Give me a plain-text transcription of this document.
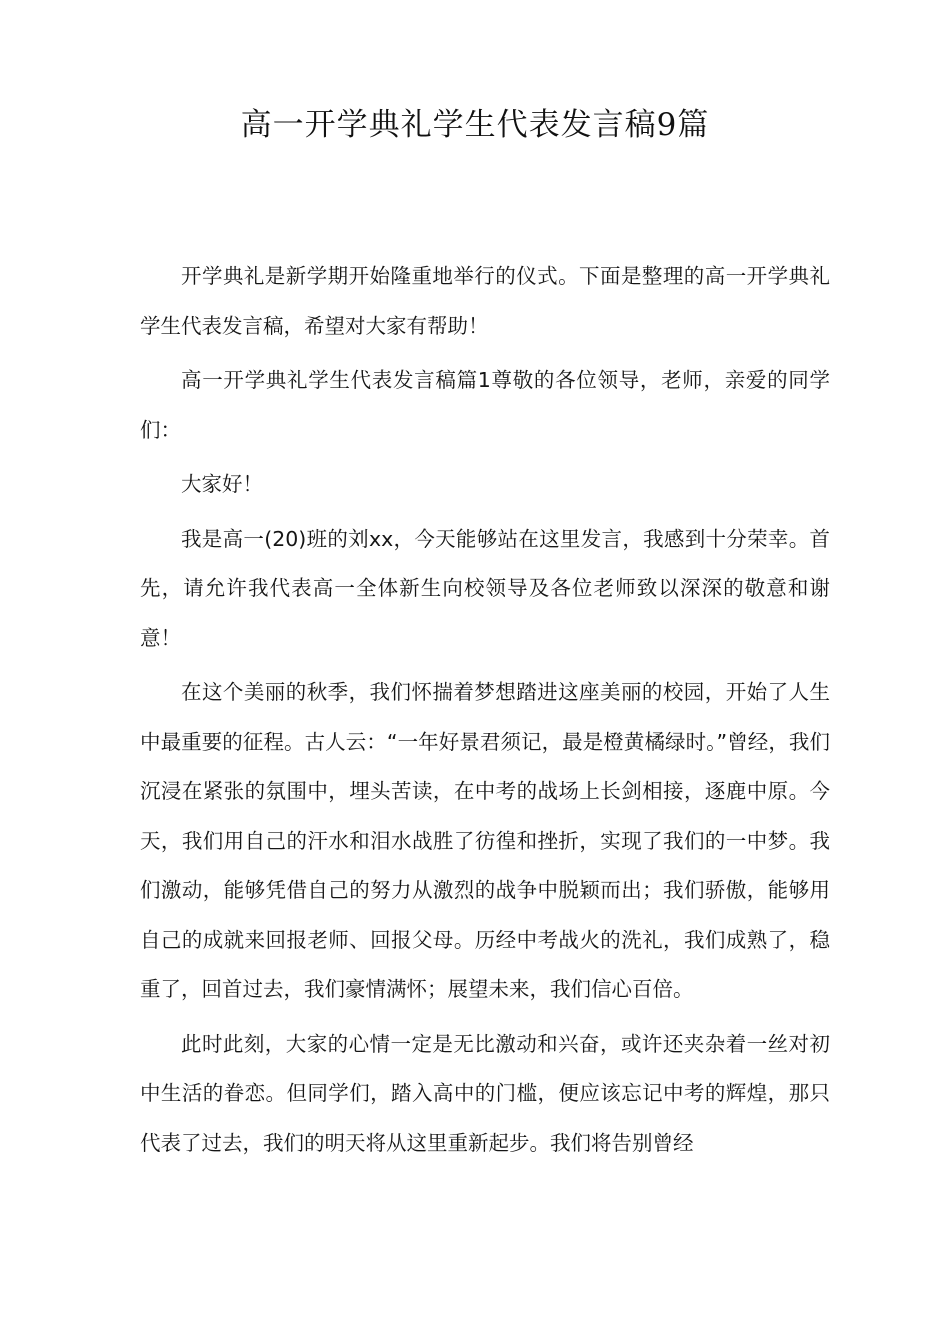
高一开学典礼学生代表发言稿9篇

开学典礼是新学期开始隆重地举行的仪式。下面是整理的高一开学典礼学生代表发言稿，希望对大家有帮助！

高一开学典礼学生代表发言稿篇1尊敬的各位领导，老师，亲爱的同学们：

大家好！

我是高一(20)班的刘xx，今天能够站在这里发言，我感到十分荣幸。首先，请允许我代表高一全体新生向校领导及各位老师致以深深的敬意和谢意！

在这个美丽的秋季，我们怀揣着梦想踏进这座美丽的校园，开始了人生中最重要的征程。古人云：“一年好景君须记，最是橙黄橘绿时。”曾经，我们沉浸在紧张的氛围中，埋头苦读，在中考的战场上长剑相接，逐鹿中原。今天，我们用自己的汗水和泪水战胜了彷徨和挫折，实现了我们的一中梦。我们激动，能够凭借自己的努力从激烈的战争中脱颖而出；我们骄傲，能够用自己的成就来回报老师、回报父母。历经中考战火的洗礼，我们成熟了，稳重了，回首过去，我们豪情满怀；展望未来，我们信心百倍。

此时此刻，大家的心情一定是无比激动和兴奋，或许还夹杂着一丝对初中生活的眷恋。但同学们，踏入高中的门槛，便应该忘记中考的辉煌，那只代表了过去，我们的明天将从这里重新起步。我们将告别曾经
